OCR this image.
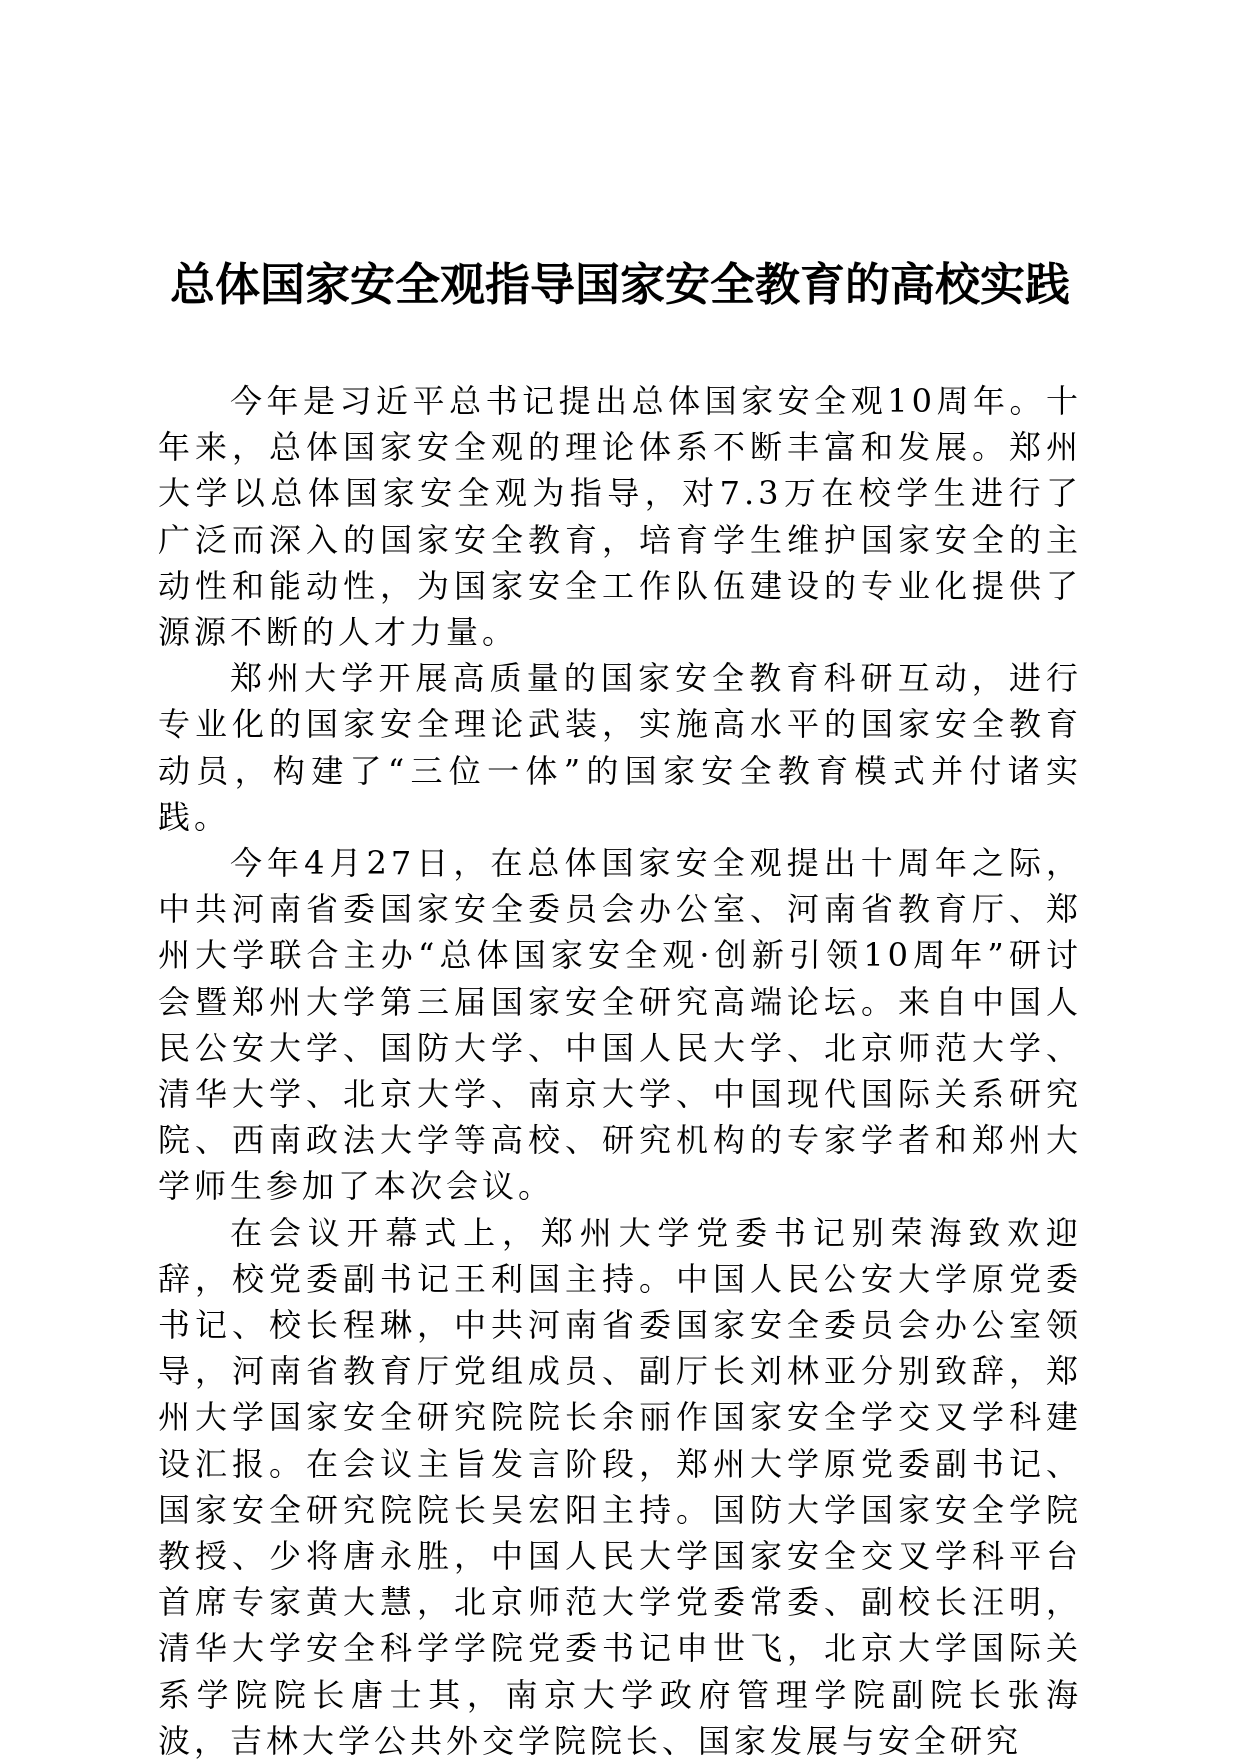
总体国家安全观指导国家安全教育的高校实践

今年是习近平总书记提出总体国家安全观10周年。十年来，总体国家安全观的理论体系不断丰富和发展。郑州大学以总体国家安全观为指导，对7.3万在校学生进行了广泛而深入的国家安全教育，培育学生维护国家安全的主动性和能动性，为国家安全工作队伍建设的专业化提供了源源不断的人才力量。

郑州大学开展高质量的国家安全教育科研互动，进行专业化的国家安全理论武装，实施高水平的国家安全教育动员，构建了“三位一体”的国家安全教育模式并付诸实践。

今年4月27日，在总体国家安全观提出十周年之际，中共河南省委国家安全委员会办公室、河南省教育厅、郑州大学联合主办“总体国家安全观·创新引领10周年”研讨会暨郑州大学第三届国家安全研究高端论坛。来自中国人民公安大学、国防大学、中国人民大学、北京师范大学、清华大学、北京大学、南京大学、中国现代国际关系研究院、西南政法大学等高校、研究机构的专家学者和郑州大学师生参加了本次会议。

在会议开幕式上，郑州大学党委书记别荣海致欢迎辞，校党委副书记王利国主持。中国人民公安大学原党委书记、校长程琳，中共河南省委国家安全委员会办公室领导，河南省教育厅党组成员、副厅长刘林亚分别致辞，郑州大学国家安全研究院院长余丽作国家安全学交叉学科建设汇报。在会议主旨发言阶段，郑州大学原党委副书记、国家安全研究院院长吴宏阳主持。国防大学国家安全学院教授、少将唐永胜，中国人民大学国家安全交叉学科平台首席专家黄大慧，北京师范大学党委常委、副校长汪明，清华大学安全科学学院党委书记申世飞，北京大学国际关系学院院长唐士其，南京大学政府管理学院副院长张海波，吉林大学公共外交学院院长、国家发展与安全研究
